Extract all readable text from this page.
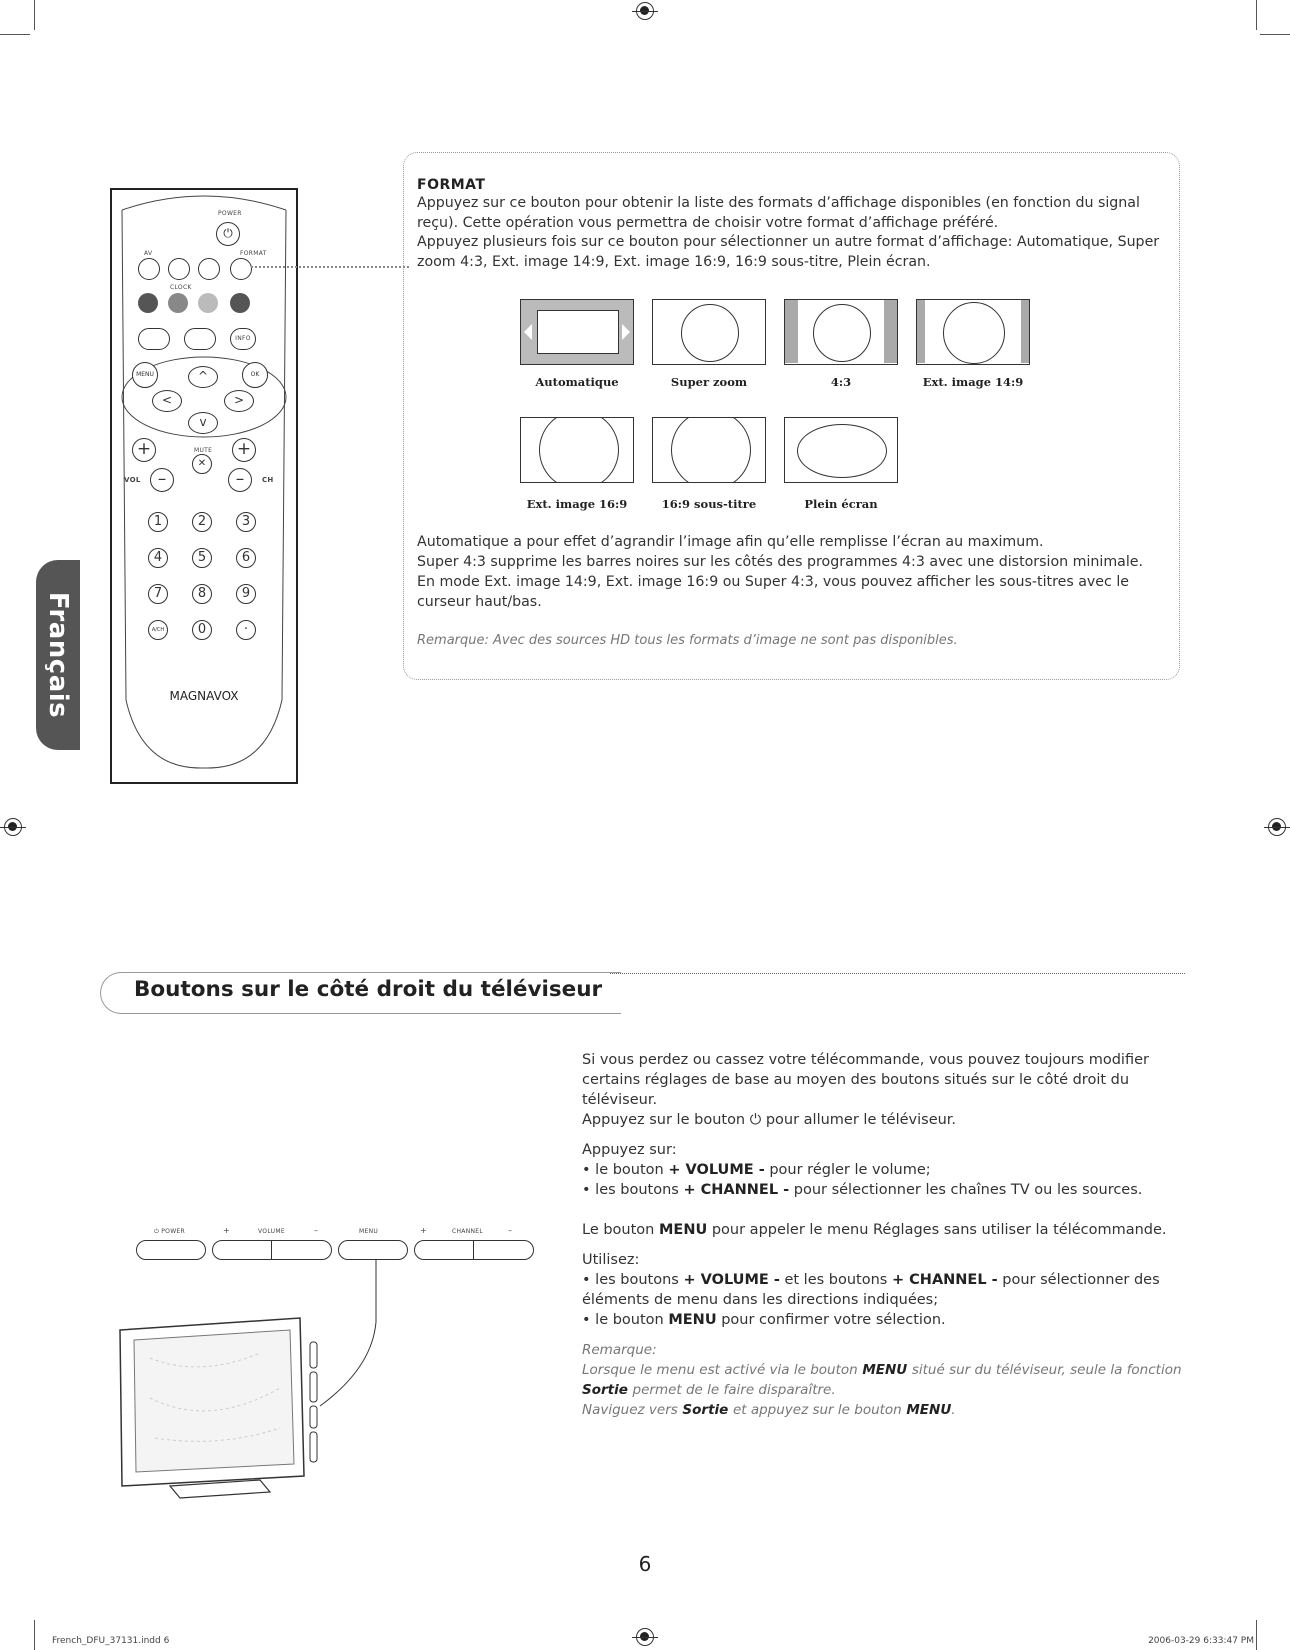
Français
POWER
⏻
AV	FORMAT
CLOCK
INFO
MENU	OK
^
<	>
v
+	+
MUTE
✕
VOL	CH
–	–
1	2	3
4	5	6
7	8	9
A/CH	0	·
MAGNAVOX
FORMAT
Appuyez sur ce bouton pour obtenir la liste des formats d’affichage disponibles (en fonction du signal reçu). Cette opération vous permettra de choisir votre format d’affichage préféré.
Appuyez plusieurs fois sur ce bouton pour sélectionner un autre format d’affichage: Automatique, Super zoom 4:3, Ext. image 14:9, Ext. image 16:9, 16:9 sous-titre, Plein écran.
Automatique	Super zoom	4:3	Ext. image 14:9
Ext. image 16:9	16:9 sous-titre	Plein écran
Automatique a pour effet d’agrandir l’image afin qu’elle remplisse l’écran au maximum.
Super 4:3 supprime les barres noires sur les côtés des programmes 4:3 avec une distorsion minimale.
En mode Ext. image 14:9, Ext. image 16:9 ou Super 4:3, vous pouvez afficher les sous-titres avec le curseur haut/bas.
Remarque: Avec des sources HD tous les formats d’image ne sont pas disponibles.
Boutons sur le côté droit du téléviseur
⏻ POWER	+	VOLUME	–	MENU	+	CHANNEL	–
Si vous perdez ou cassez votre télécommande, vous pouvez toujours modifier certains réglages de base au moyen des boutons situés sur le côté droit du téléviseur.
Appuyez sur le bouton ⏻ pour allumer le téléviseur.
Appuyez sur:
• le bouton + VOLUME - pour régler le volume;
• les boutons + CHANNEL - pour sélectionner les chaînes TV ou les sources.
Le bouton MENU pour appeler le menu Réglages sans utiliser la télécommande.
Utilisez:
• les boutons + VOLUME - et les boutons + CHANNEL - pour sélectionner des éléments de menu dans les directions indiquées;
• le bouton MENU pour confirmer votre sélection.
Remarque:
Lorsque le menu est activé via le bouton MENU situé sur du téléviseur, seule la fonction Sortie permet de le faire disparaître.
Naviguez vers Sortie et appuyez sur le bouton MENU.
6
French_DFU_37131.indd 6	2006-03-29 6:33:47 PM
